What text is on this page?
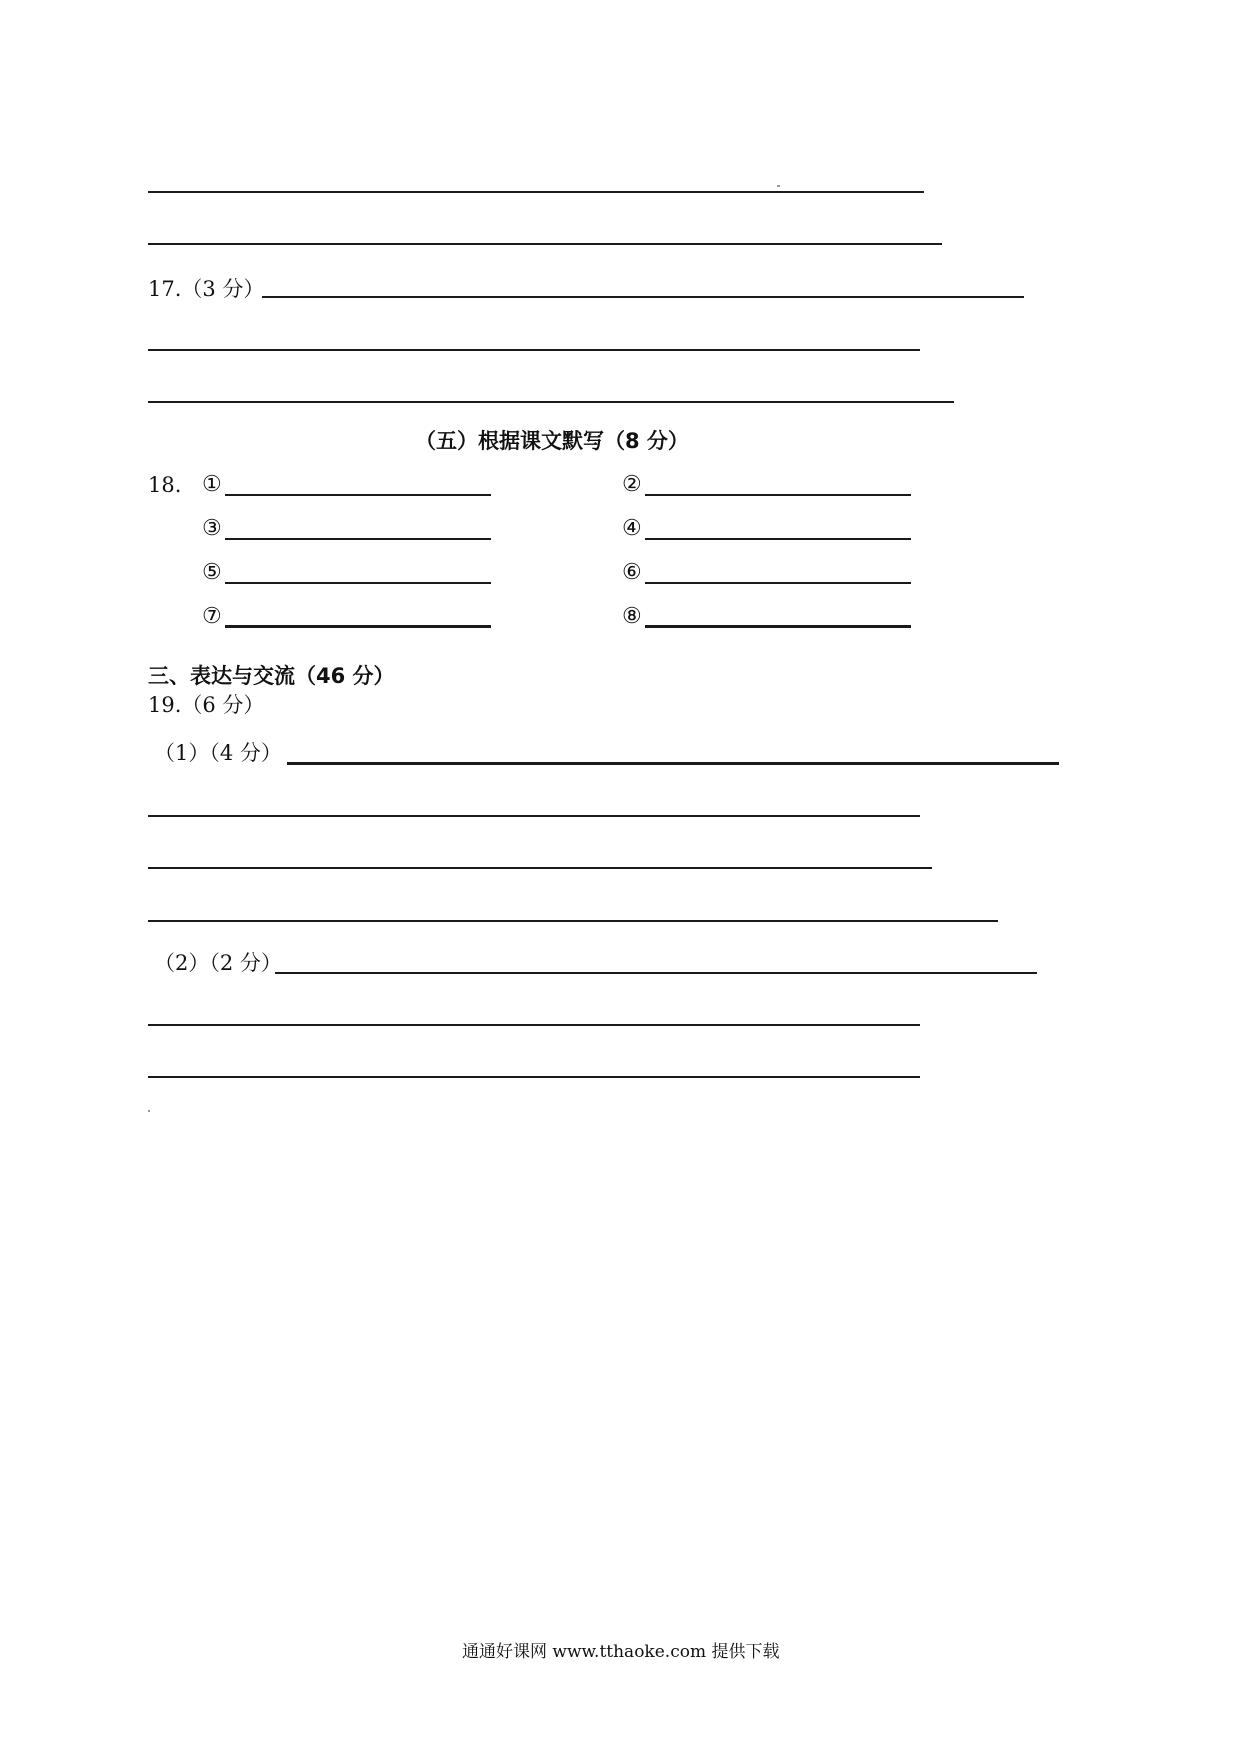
17.（3 分）
（五）根据课文默写（8 分）
18. ①	②
③	④
⑤	⑥
⑦	⑧
三、表达与交流（46 分）
19.（6 分）
（1）（4 分）
（2）（2 分）
通通好课网 www.tthaoke.com 提供下载
